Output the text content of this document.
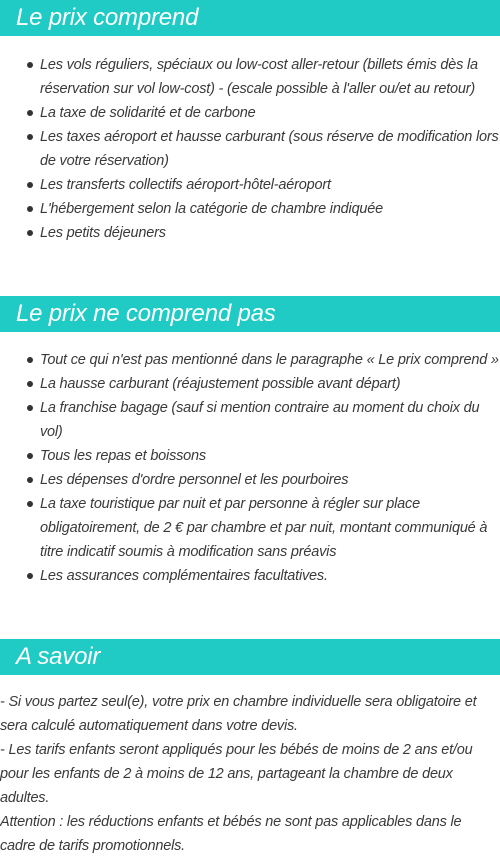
Le prix comprend
Les vols réguliers, spéciaux ou low-cost aller-retour (billets émis dès la réservation sur vol low-cost) - (escale possible à l'aller ou/et au retour)
La taxe de solidarité et de carbone
Les taxes aéroport et hausse carburant (sous réserve de modification lors de votre réservation)
Les transferts collectifs aéroport-hôtel-aéroport
L'hébergement selon la catégorie de chambre indiquée
Les petits déjeuners
Le prix ne comprend pas
Tout ce qui n'est pas mentionné dans le paragraphe « Le prix comprend »
La hausse carburant (réajustement possible avant départ)
La franchise bagage (sauf si mention contraire au moment du choix du vol)
Tous les repas et boissons
Les dépenses d'ordre personnel et les pourboires
La taxe touristique par nuit et par personne à régler sur place obligatoirement, de 2 € par chambre et par nuit, montant communiqué à titre indicatif soumis à modification sans préavis
Les assurances complémentaires facultatives.
A savoir

- Si vous partez seul(e), votre prix en chambre individuelle sera obligatoire et sera calculé automatiquement dans votre devis.

- Les tarifs enfants seront appliqués pour les bébés de moins de 2 ans et/ou pour les enfants de 2 à moins de 12 ans, partageant la chambre de deux adultes.

Attention : les réductions enfants et bébés ne sont pas applicables dans le cadre de tarifs promotionnels.
